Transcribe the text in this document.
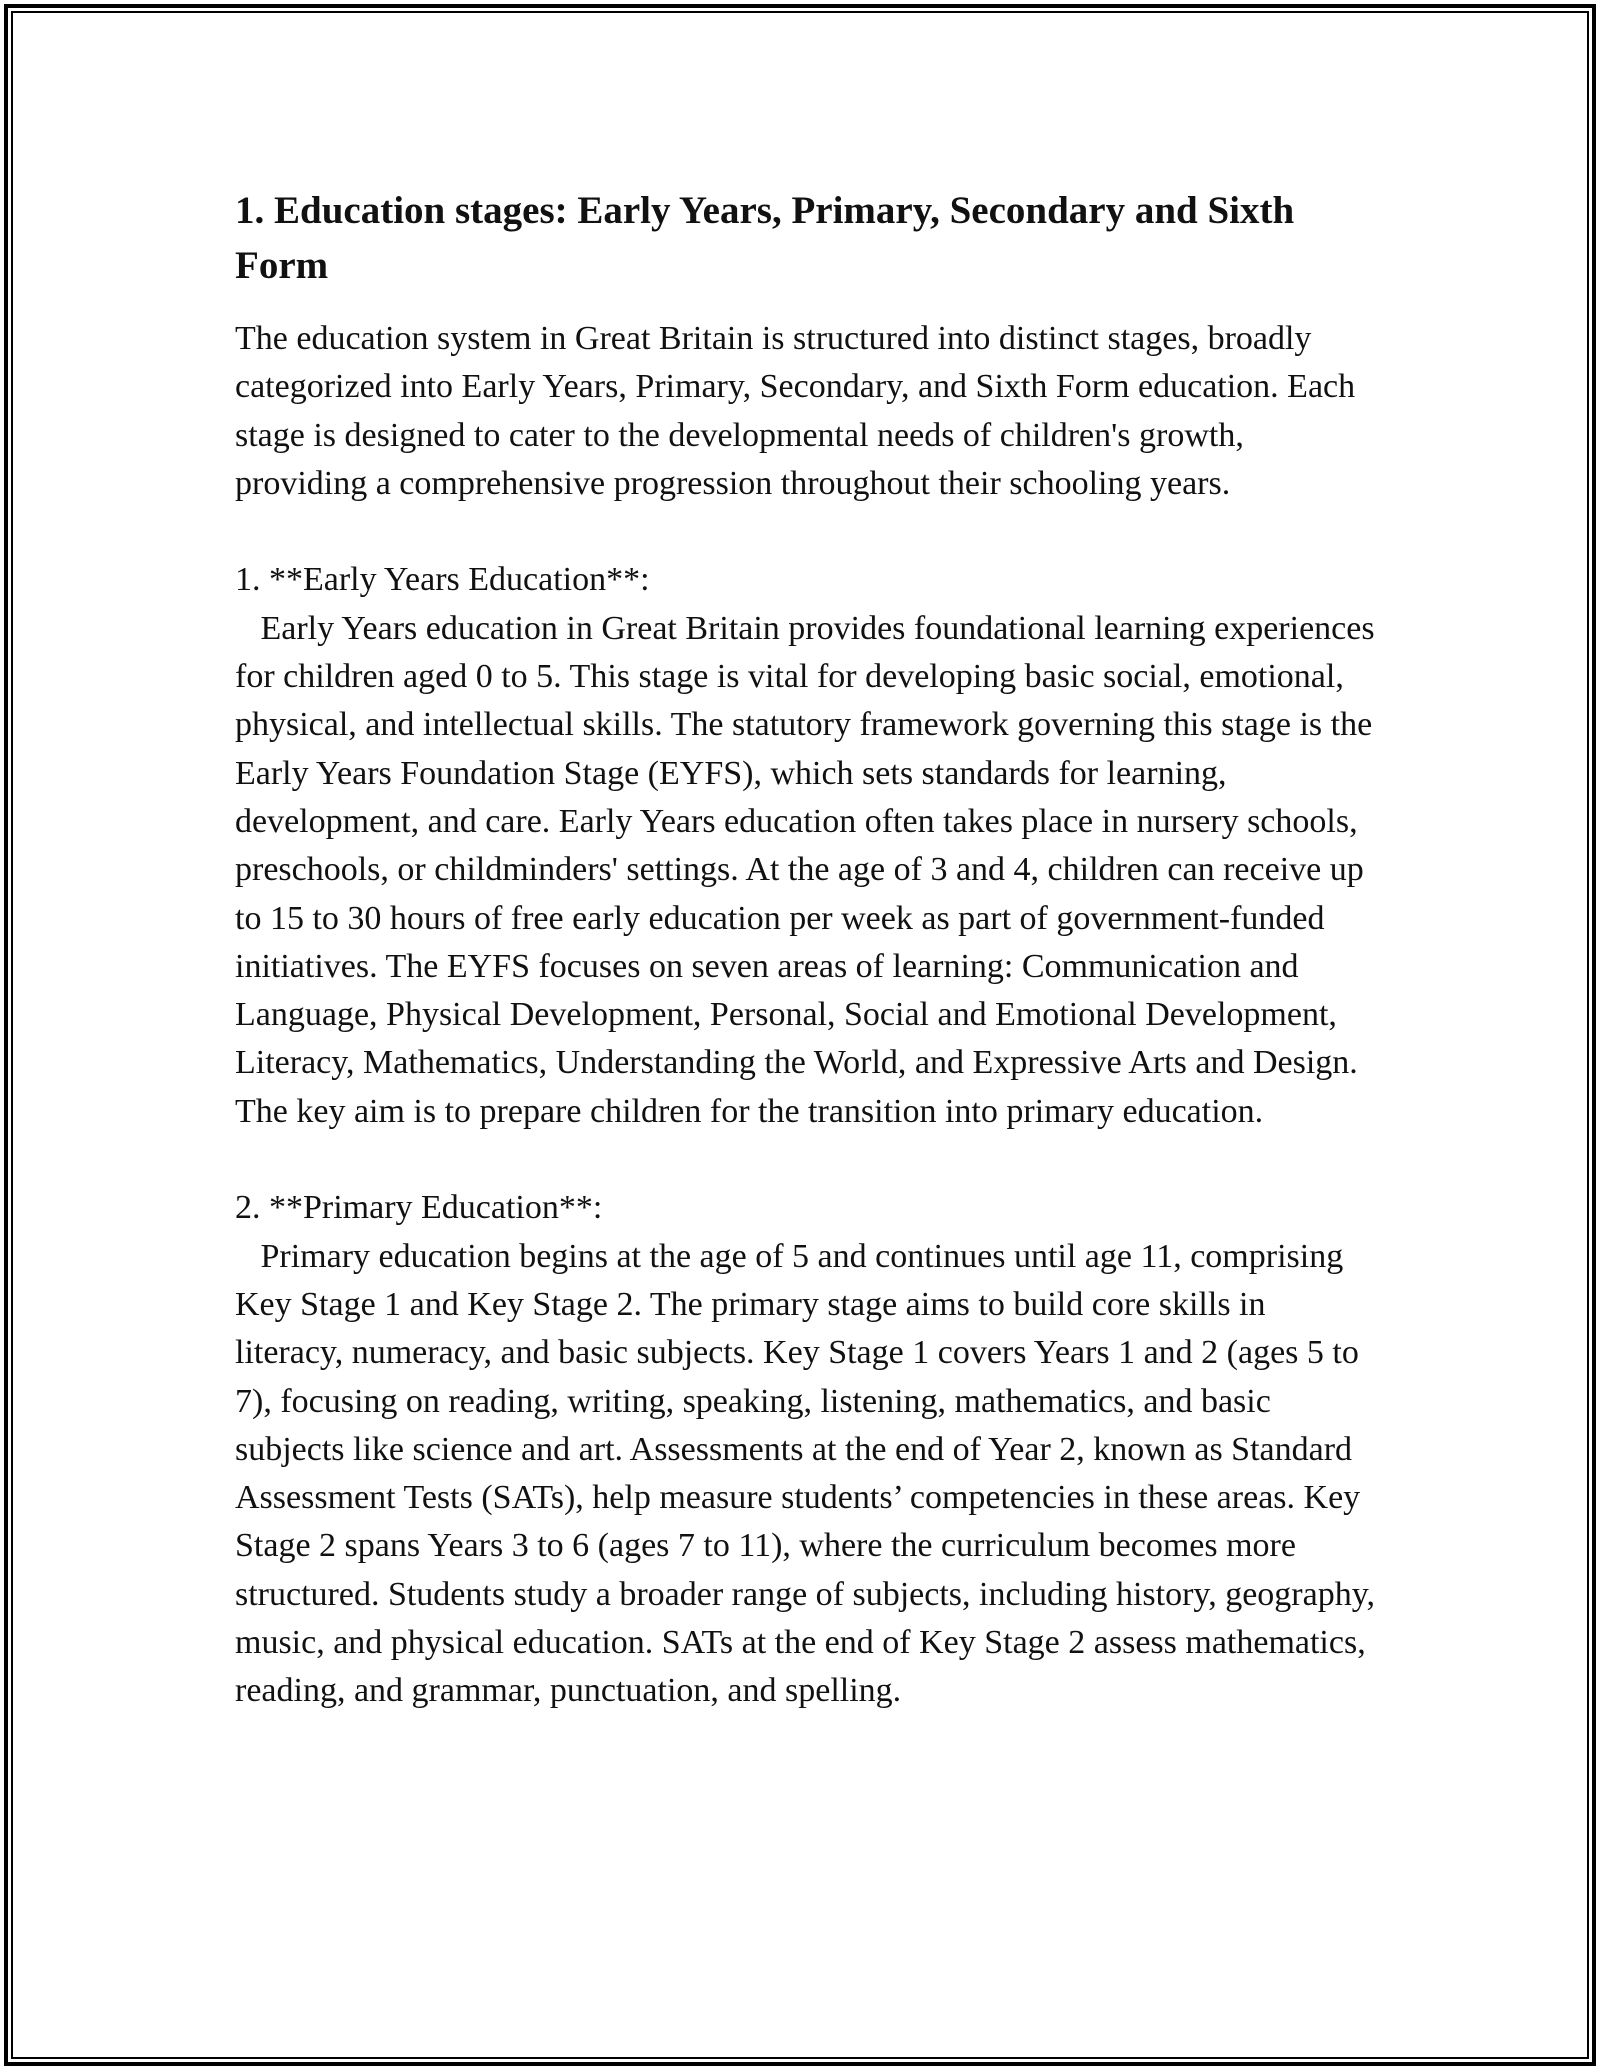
1. Education stages: Early Years, Primary, Secondary and Sixth Form

The education system in Great Britain is structured into distinct stages, broadly categorized into Early Years, Primary, Secondary, and Sixth Form education. Each stage is designed to cater to the developmental needs of children's growth, providing a comprehensive progression throughout their schooling years.

1. **Early Years Education**:

Early Years education in Great Britain provides foundational learning experiences for children aged 0 to 5. This stage is vital for developing basic social, emotional, physical, and intellectual skills. The statutory framework governing this stage is the Early Years Foundation Stage (EYFS), which sets standards for learning, development, and care. Early Years education often takes place in nursery schools, preschools, or childminders' settings. At the age of 3 and 4, children can receive up to 15 to 30 hours of free early education per week as part of government-funded initiatives. The EYFS focuses on seven areas of learning: Communication and Language, Physical Development, Personal, Social and Emotional Development, Literacy, Mathematics, Understanding the World, and Expressive Arts and Design. The key aim is to prepare children for the transition into primary education.

2. **Primary Education**:

Primary education begins at the age of 5 and continues until age 11, comprising Key Stage 1 and Key Stage 2. The primary stage aims to build core skills in literacy, numeracy, and basic subjects. Key Stage 1 covers Years 1 and 2 (ages 5 to 7), focusing on reading, writing, speaking, listening, mathematics, and basic subjects like science and art. Assessments at the end of Year 2, known as Standard Assessment Tests (SATs), help measure students’ competencies in these areas. Key Stage 2 spans Years 3 to 6 (ages 7 to 11), where the curriculum becomes more structured. Students study a broader range of subjects, including history, geography, music, and physical education. SATs at the end of Key Stage 2 assess mathematics, reading, and grammar, punctuation, and spelling.
